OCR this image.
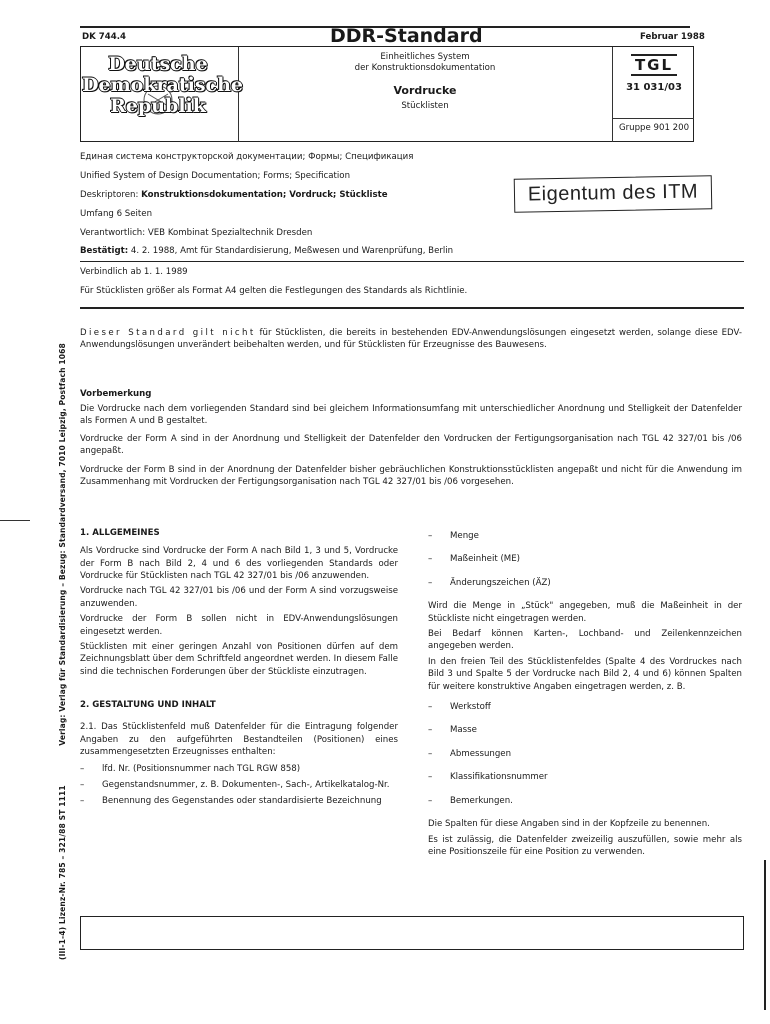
DK 744.4	DDR-Standard	Februar 1988
Deutsche
Demokratische
Republik
Einheitliches System
der Konstruktionsdokumentation
Vordrucke
Stücklisten
TGL
31 031/03
Gruppe 901 200
Единая система конструкторской документации; Формы; Спецификация
Unified System of Design Documentation; Forms; Specification
Deskriptoren: Konstruktionsdokumentation; Vordruck; Stückliste
Umfang 6 Seiten
Verantwortlich: VEB Kombinat Spezialtechnik Dresden
Bestätigt: 4. 2. 1988, Amt für Standardisierung, Meßwesen und Warenprüfung, Berlin
Eigentum des ITM
Verbindlich ab 1. 1. 1989
Für Stücklisten größer als Format A4 gelten die Festlegungen des Standards als Richtlinie.
Dieser Standard gilt nicht für Stücklisten, die bereits in bestehenden EDV-Anwendungslösungen eingesetzt werden, solange diese EDV-Anwendungslösungen unverändert beibehalten werden, und für Stücklisten für Erzeugnisse des Bauwesens.
Vorbemerkung
Die Vordrucke nach dem vorliegenden Standard sind bei gleichem Informationsumfang mit unterschiedlicher Anordnung und Stelligkeit der Datenfelder als Formen A und B gestaltet.
Vordrucke der Form A sind in der Anordnung und Stelligkeit der Datenfelder den Vordrucken der Fertigungsorganisation nach TGL 42 327/01 bis /06 angepaßt.
Vordrucke der Form B sind in der Anordnung der Datenfelder bisher gebräuchlichen Konstruktionsstücklisten angepaßt und nicht für die Anwendung im Zusammenhang mit Vordrucken der Fertigungsorganisation nach TGL 42 327/01 bis /06 vorgesehen.
1. ALLGEMEINES
Als Vordrucke sind Vordrucke der Form A nach Bild 1, 3 und 5, Vordrucke der Form B nach Bild 2, 4 und 6 des vorliegenden Standards oder Vordrucke für Stücklisten nach TGL 42 327/01 bis /06 anzuwenden.
Vordrucke nach TGL 42 327/01 bis /06 und der Form A sind vorzugsweise anzuwenden.
Vordrucke der Form B sollen nicht in EDV-Anwendungslösungen eingesetzt werden.
Stücklisten mit einer geringen Anzahl von Positionen dürfen auf dem Zeichnungsblatt über dem Schriftfeld angeordnet werden. In diesem Falle sind die technischen Forderungen über der Stückliste einzutragen.
2. GESTALTUNG UND INHALT
2.1. Das Stücklistenfeld muß Datenfelder für die Eintragung folgender Angaben zu den aufgeführten Bestandteilen (Positionen) eines zusammengesetzten Erzeugnisses enthalten:
– lfd. Nr. (Positionsnummer nach TGL RGW 858)
– Gegenstandsnummer, z. B. Dokumenten-, Sach-, Artikelkatalog-Nr.
– Benennung des Gegenstandes oder standardisierte Bezeichnung
– Menge
– Maßeinheit (ME)
– Änderungszeichen (ÄZ)
Wird die Menge in „Stück" angegeben, muß die Maßeinheit in der Stückliste nicht eingetragen werden.
Bei Bedarf können Karten-, Lochband- und Zeilenkennzeichen angegeben werden.
In den freien Teil des Stücklistenfeldes (Spalte 4 des Vordruckes nach Bild 3 und Spalte 5 der Vordrucke nach Bild 2, 4 und 6) können Spalten für weitere konstruktive Angaben eingetragen werden, z. B.
– Werkstoff
– Masse
– Abmessungen
– Klassifikationsnummer
– Bemerkungen.
Die Spalten für diese Angaben sind in der Kopfzeile zu benennen.
Es ist zulässig, die Datenfelder zweizeilig auszufüllen, sowie mehr als eine Positionszeile für eine Position zu verwenden.
(III-1-4) Lizenz-Nr. 785 – 321/88 ST 1111  Verlag: Verlag für Standardisierung – Bezug: Standardversand, 7010 Leipzig, Postfach 1068
